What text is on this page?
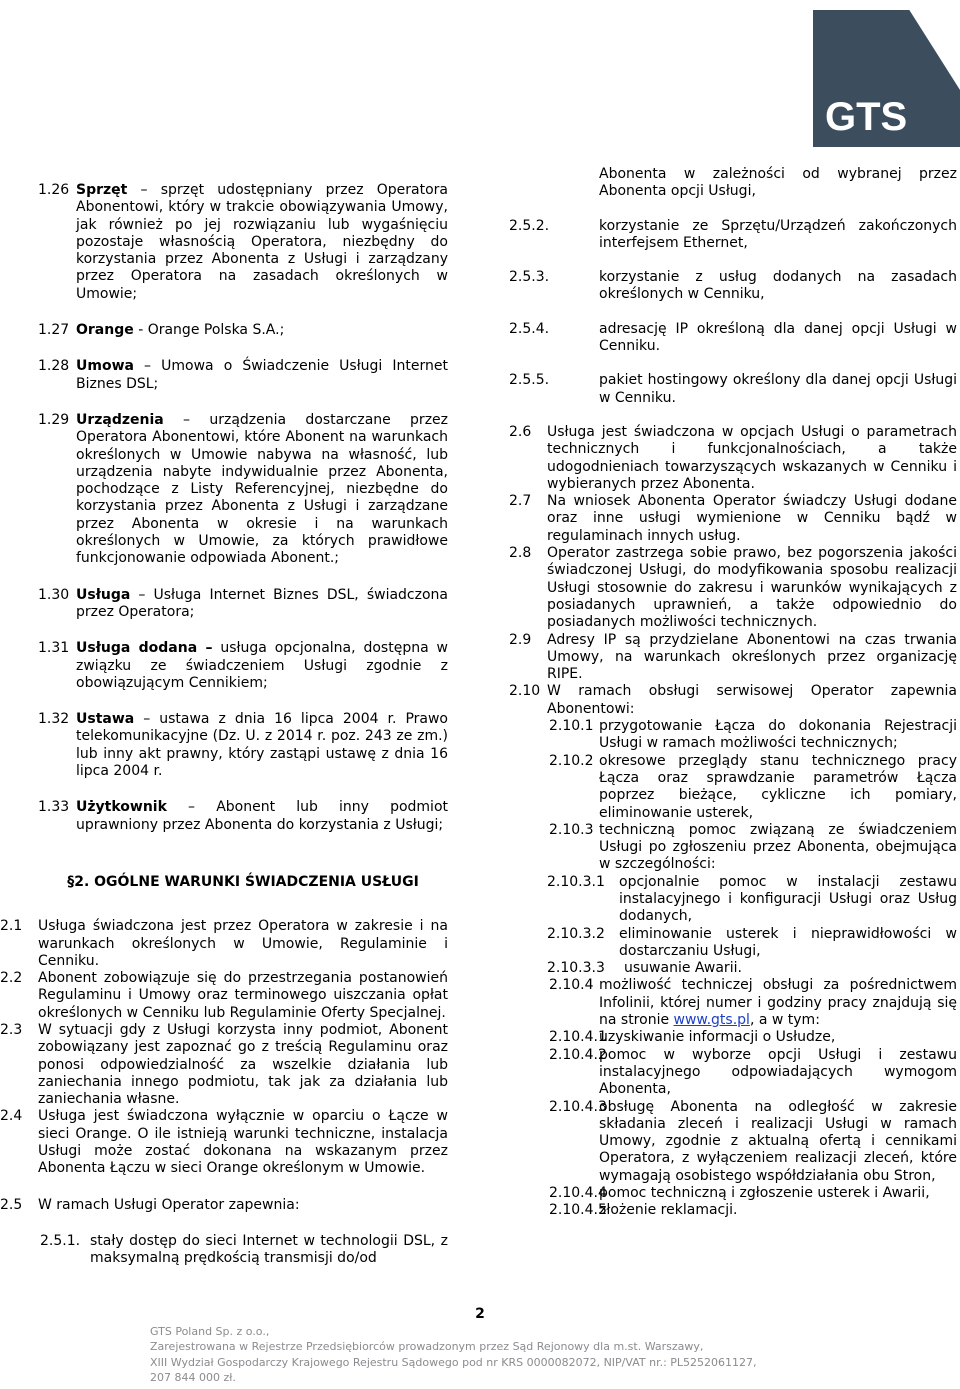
GTS
1.26 Sprzęt – sprzęt udostępniany przez Operatora Abonentowi, który w trakcie obowiązywania Umowy, jak również po jej rozwiązaniu lub wygaśnięciu pozostaje własnością Operatora, niezbędny do korzystania przez Abonenta z Usługi i zarządzany przez Operatora na zasadach określonych w Umowie;
1.27 Orange - Orange Polska S.A.;
1.28 Umowa – Umowa o Świadczenie Usługi Internet Biznes DSL;
1.29 Urządzenia – urządzenia dostarczane przez Operatora Abonentowi, które Abonent na warunkach określonych w Umowie nabywa na własność, lub urządzenia nabyte indywidualnie przez Abonenta, pochodzące z Listy Referencyjnej, niezbędne do korzystania przez Abonenta z Usługi i zarządzane przez Abonenta w okresie i na warunkach określonych w Umowie, za których prawidłowe funkcjonowanie odpowiada Abonent.;
1.30 Usługa – Usługa Internet Biznes DSL, świadczona przez Operatora;
1.31 Usługa dodana – usługa opcjonalna, dostępna w związku ze świadczeniem Usługi zgodnie z obowiązującym Cennikiem;
1.32 Ustawa – ustawa z dnia 16 lipca 2004 r. Prawo telekomunikacyjne (Dz. U. z 2014 r. poz. 243 ze zm.) lub inny akt prawny, który zastąpi ustawę z dnia 16 lipca 2004 r.
1.33 Użytkownik – Abonent lub inny podmiot uprawniony przez Abonenta do korzystania z Usługi;
§2. OGÓLNE WARUNKI ŚWIADCZENIA USŁUGI
2.1 Usługa świadczona jest przez Operatora w zakresie i na warunkach określonych w Umowie, Regulaminie i Cenniku.
2.2 Abonent zobowiązuje się do przestrzegania postanowień Regulaminu i Umowy oraz terminowego uiszczania opłat określonych w Cenniku lub Regulaminie Oferty Specjalnej.
2.3 W sytuacji gdy z Usługi korzysta inny podmiot, Abonent zobowiązany jest zapoznać go z treścią Regulaminu oraz ponosi odpowiedzialność za wszelkie działania lub zaniechania innego podmiotu, tak jak za działania lub zaniechania własne.
2.4 Usługa jest świadczona wyłącznie w oparciu o Łącze w sieci Orange. O ile istnieją warunki techniczne, instalacja Usługi może zostać dokonana na wskazanym przez Abonenta Łączu w sieci Orange określonym w Umowie.
2.5 W ramach Usługi Operator zapewnia:
2.5.1. stały dostęp do sieci Internet w technologii DSL, z maksymalną prędkością transmisji do/od
Abonenta w zależności od wybranej przez Abonenta opcji Usługi,
2.5.2.	korzystanie ze Sprzętu/Urządzeń zakończonych interfejsem Ethernet,
2.5.3.	korzystanie z usług dodanych na zasadach określonych w Cenniku,
2.5.4.	adresację IP określoną dla danej opcji Usługi w Cenniku.
2.5.5.	pakiet hostingowy określony dla danej opcji Usługi w Cenniku.
2.6 Usługa jest świadczona w opcjach Usługi o parametrach technicznych i funkcjonalnościach, a także udogodnieniach towarzyszących wskazanych w Cenniku i wybieranych przez Abonenta.
2.7 Na wniosek Abonenta Operator świadczy Usługi dodane oraz inne usługi wymienione w Cenniku bądź w regulaminach innych usług.
2.8 Operator zastrzega sobie prawo, bez pogorszenia jakości świadczonej Usługi, do modyfikowania sposobu realizacji Usługi stosownie do zakresu i warunków wynikających z posiadanych uprawnień, a także odpowiednio do posiadanych możliwości technicznych.
2.9 Adresy IP są przydzielane Abonentowi na czas trwania Umowy, na warunkach określonych przez organizację RIPE.
2.10 W ramach obsługi serwisowej Operator zapewnia Abonentowi:
2.10.1 przygotowanie Łącza do dokonania Rejestracji Usługi w ramach możliwości technicznych;
2.10.2 okresowe przeglądy stanu technicznego pracy Łącza oraz sprawdzanie parametrów Łącza poprzez bieżące, cykliczne ich pomiary, eliminowanie usterek,
2.10.3 techniczną pomoc związaną ze świadczeniem Usługi po zgłoszeniu przez Abonenta, obejmująca w szczególności:
2.10.3.1 opcjonalnie pomoc w instalacji zestawu instalacyjnego i konfiguracji Usługi oraz Usług dodanych,
2.10.3.2 eliminowanie usterek i nieprawidłowości w dostarczaniu Usługi,
2.10.3.3 usuwanie Awarii.
2.10.4 możliwość techniczej obsługi za pośrednictwem Infolinii, której numer i godziny pracy znajdują się na stronie www.gts.pl, a w tym:
2.10.4.1
uzyskiwanie informacji o Usłudze,
2.10.4.2
pomoc w wyborze opcji Usługi i zestawu instalacyjnego odpowiadających wymogom Abonenta,
2.10.4.3
obsługę Abonenta na odległość w zakresie składania zleceń i realizacji Usługi w ramach Umowy, zgodnie z aktualną ofertą i cennikami Operatora, z wyłączeniem realizacji zleceń, które wymagają osobistego współdziałania obu Stron,
2.10.4.4
pomoc techniczną i zgłoszenie usterek i Awarii,
2.10.4.5
złożenie reklamacji.
2
GTS Poland Sp. z o.o.,
Zarejestrowana w Rejestrze Przedsiębiorców prowadzonym przez Sąd Rejonowy dla m.st. Warszawy,
XIII Wydział Gospodarczy Krajowego Rejestru Sądowego pod nr KRS 0000082072, NIP/VAT nr.: PL5252061127,
207 844 000 zł.
